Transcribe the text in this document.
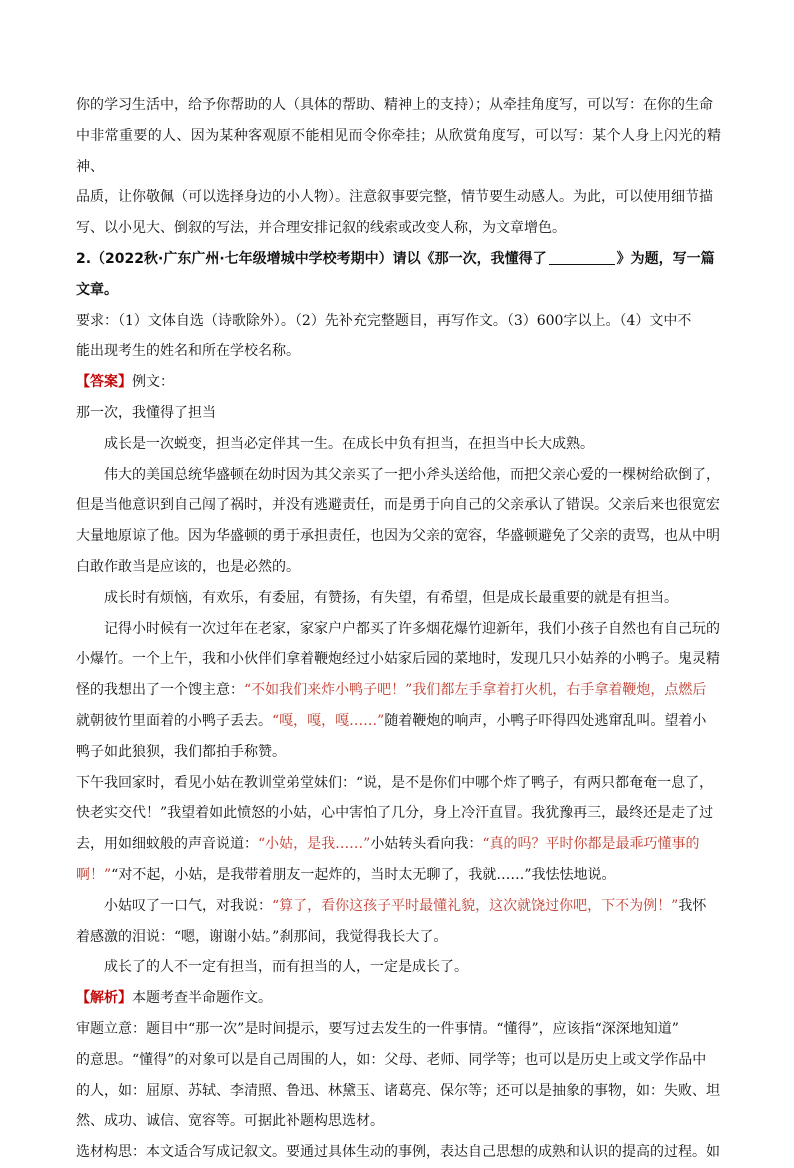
你的学习生活中，给予你帮助的人（具体的帮助、精神上的支持）；从牵挂角度写，可以写：在你的生命
中非常重要的人、因为某种客观原不能相见而令你牵挂；从欣赏角度写，可以写：某个人身上闪光的精神、
品质，让你敬佩（可以选择身边的小人物）。注意叙事要完整，情节要生动感人。为此，可以使用细节描
写、以小见大、倒叙的写法，并合理安排记叙的线索或改变人称，为文章增色。

2.（2022秋·广东广州·七年级增城中学校考期中）请以《那一次，我懂得了	》为题，写一篇
文章。

要求：（1）文体自选（诗歌除外）。（2）先补充完整题目，再写作文。（3）600字以上。（4）文中不
能出现考生的姓名和所在学校名称。

【答案】例文：

那一次，我懂得了担当

成长是一次蜕变，担当必定伴其一生。在成长中负有担当，在担当中长大成熟。

伟大的美国总统华盛顿在幼时因为其父亲买了一把小斧头送给他，而把父亲心爱的一棵树给砍倒了，
但是当他意识到自己闯了祸时，并没有逃避责任，而是勇于向自己的父亲承认了错误。父亲后来也很宽宏
大量地原谅了他。因为华盛顿的勇于承担责任，也因为父亲的宽容，华盛顿避免了父亲的责骂，也从中明
白敢作敢当是应该的，也是必然的。

成长时有烦恼，有欢乐，有委屈，有赞扬，有失望，有希望，但是成长最重要的就是有担当。

记得小时候有一次过年在老家，家家户户都买了许多烟花爆竹迎新年，我们小孩子自然也有自己玩的
小爆竹。一个上午，我和小伙伴们拿着鞭炮经过小姑家后园的菜地时，发现几只小姑养的小鸭子。鬼灵精
怪的我想出了一个馊主意：“不如我们来炸小鸭子吧！”我们都左手拿着打火机，右手拿着鞭炮，点燃后
就朝彼竹里面着的小鸭子丢去。“嘎，嘎，嘎……”随着鞭炮的响声，小鸭子吓得四处逃窜乱叫。望着小
鸭子如此狼狈，我们都拍手称赞。

下午我回家时，看见小姑在教训堂弟堂妹们：“说，是不是你们中哪个炸了鸭子，有两只都奄奄一息了，
快老实交代！”我望着如此愤怒的小姑，心中害怕了几分，身上冷汗直冒。我犹豫再三，最终还是走了过
去，用如细蚊般的声音说道：“小姑，是我……”小姑转头看向我：“真的吗？平时你都是最乖巧懂事的
啊！”“对不起，小姑，是我带着朋友一起炸的，当时太无聊了，我就……”我怯怯地说。

小姑叹了一口气，对我说：“算了，看你这孩子平时最懂礼貌，这次就饶过你吧，下不为例！”我怀
着感激的泪说：“嗯，谢谢小姑。”刹那间，我觉得我长大了。

成长了的人不一定有担当，而有担当的人，一定是成长了。

【解析】本题考查半命题作文。

审题立意：题目中“那一次”是时间提示，要写过去发生的一件事情。“懂得”，应该指“深深地知道”
的意思。“懂得”的对象可以是自己周围的人，如：父母、老师、同学等；也可以是历史上或文学作品中
的人，如：屈原、苏轼、李清照、鲁迅、林黛玉、诸葛亮、保尔等；还可以是抽象的事物，如：失败、坦
然、成功、诚信、宽容等。可据此补题构思选材。

选材构思：本文适合写成记叙文。要通过具体生动的事例，表达自己思想的成熟和认识的提高的过程。如
